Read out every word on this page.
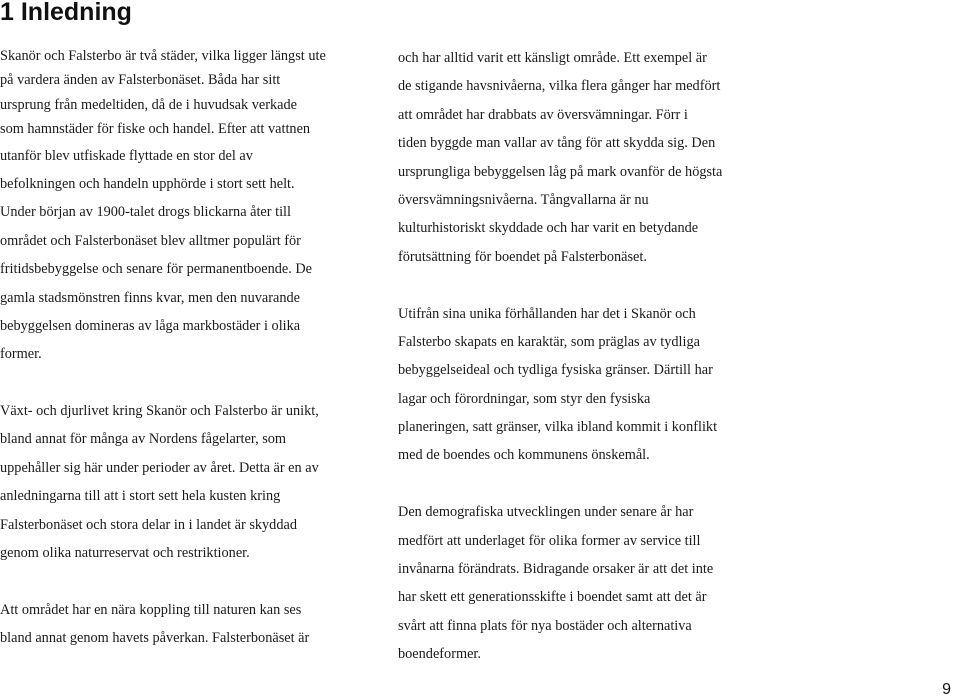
1 Inledning
Skanör och Falsterbo är två städer, vilka ligger längst ute
på vardera änden av Falsterbonäset. Båda har sitt
ursprung från medeltiden, då de i huvudsak verkade
som hamnstäder för fiske och handel. Efter att vattnen
utanför blev utfiskade flyttade en stor del av
befolkningen och handeln upphörde i stort sett helt.
Under början av 1900-talet drogs blickarna åter till
området och Falsterbonäset blev alltmer populärt för
fritidsbebyggelse och senare för permanentboende. De
gamla stadsmönstren finns kvar, men den nuvarande
bebyggelsen domineras av låga markbostäder i olika
former.
Växt- och djurlivet kring Skanör och Falsterbo är unikt,
bland annat för många av Nordens fågelarter, som
uppehåller sig här under perioder av året. Detta är en av
anledningarna till att i stort sett hela kusten kring
Falsterbonäset och stora delar in i landet är skyddad
genom olika naturreservat och restriktioner.
Att området har en nära koppling till naturen kan ses
bland annat genom havets påverkan. Falsterbonäset är
och har alltid varit ett känsligt område. Ett exempel är
de stigande havsnivåerna, vilka flera gånger har medfört
att området har drabbats av översvämningar. Förr i
tiden byggde man vallar av tång för att skydda sig. Den
ursprungliga bebyggelsen låg på mark ovanför de högsta
översvämningsnivåerna. Tångvallarna är nu
kulturhistoriskt skyddade och har varit en betydande
förutsättning för boendet på Falsterbonäset.
Utifrån sina unika förhållanden har det i Skanör och
Falsterbo skapats en karaktär, som präglas av tydliga
bebyggelseideal och tydliga fysiska gränser. Därtill har
lagar och förordningar, som styr den fysiska
planeringen, satt gränser, vilka ibland kommit i konflikt
med de boendes och kommunens önskemål.
Den demografiska utvecklingen under senare år har
medfört att underlaget för olika former av service till
invånarna förändrats. Bidragande orsaker är att det inte
har skett ett generationsskifte i boendet samt att det är
svårt att finna plats för nya bostäder och alternativa
boendeformer.

9
